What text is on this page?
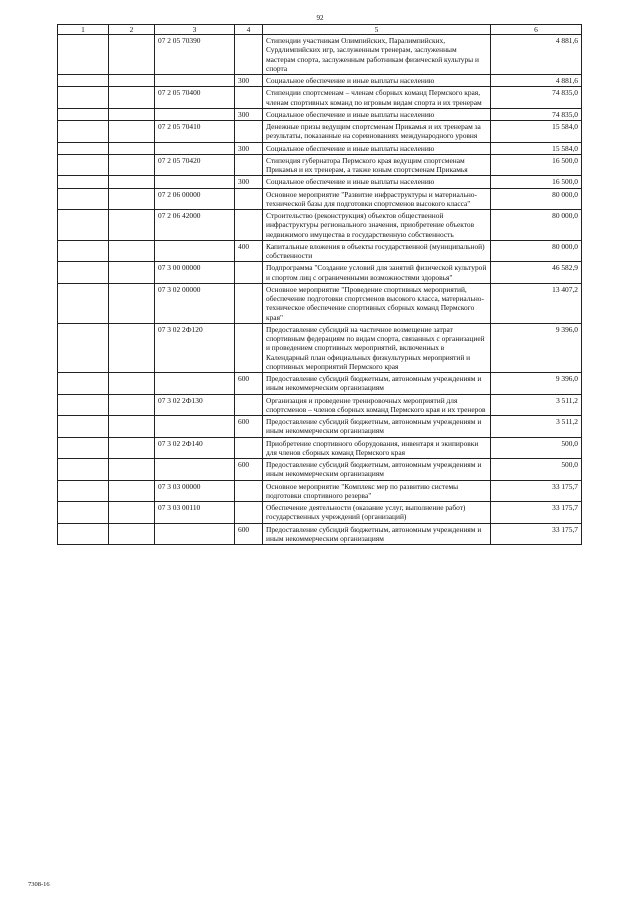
92
1	2	3	4	5	6
		07 2 05 70390		Стипендии участникам Олимпийских, Паралимпийских, Сурдлимпийских игр, заслуженным тренерам, заслуженным мастерам спорта, заслуженным работникам физической культуры и спорта	4 881,6
			300	Социальное обеспечение и иные выплаты населению	4 881,6
		07 2 05 70400		Стипендии спортсменам – членам сборных команд Пермского края, членам спортивных команд по игровым видам спорта и их тренерам	74 835,0
			300	Социальное обеспечение и иные выплаты населению	74 835,0
		07 2 05 70410		Денежные призы ведущим спортсменам Прикамья и их тренерам за результаты, показанные на соревнованиях международного уровня	15 584,0
			300	Социальное обеспечение и иные выплаты населению	15 584,0
		07 2 05 70420		Стипендия губернатора Пермского края ведущим спортсменам Прикамья и их тренерам, а также юным спортсменам Прикамья	16 500,0
			300	Социальное обеспечение и иные выплаты населению	16 500,0
		07 2 06 00000		Основное мероприятие "Развитие инфраструктуры и материально-технической базы для подготовки спортсменов высокого класса"	80 000,0
		07 2 06 42000		Строительство (реконструкция) объектов общественной инфраструктуры регионального значения, приобретение объектов недвижимого имущества в государственную собственность	80 000,0
			400	Капитальные вложения в объекты государственной (муниципальной) собственности	80 000,0
		07 3 00 00000		Подпрограмма "Создание условий для занятий физической культурой и спортом лиц с ограниченными возможностями здоровья"	46 582,9
		07 3 02 00000		Основное мероприятие "Проведение спортивных мероприятий, обеспечение подготовки спортсменов высокого класса, материально-техническое обеспечение спортивных сборных команд Пермского края"	13 407,2
		07 3 02 2Ф120		Предоставление субсидий на частичное возмещение затрат спортивным федерациям по видам спорта, связанных с организацией и проведением спортивных мероприятий, включенных в Календарный план официальных физкультурных мероприятий и спортивных мероприятий Пермского края	9 396,0
			600	Предоставление субсидий бюджетным, автономным учреждениям и иным некоммерческим организациям	9 396,0
		07 3 02 2Ф130		Организация и проведение тренировочных мероприятий для спортсменов – членов сборных команд Пермского края и их тренеров	3 511,2
			600	Предоставление субсидий бюджетным, автономным учреждениям и иным некоммерческим организациям	3 511,2
		07 3 02 2Ф140		Приобретение спортивного оборудования, инвентаря и экипировки для членов сборных команд Пермского края	500,0
			600	Предоставление субсидий бюджетным, автономным учреждениям и иным некоммерческим организациям	500,0
		07 3 03 00000		Основное мероприятие "Комплекс мер по развитию системы подготовки спортивного резерва"	33 175,7
		07 3 03 00110		Обеспечение деятельности (оказание услуг, выполнение работ) государственных учреждений (организаций)	33 175,7
			600	Предоставление субсидий бюджетным, автономным учреждениям и иным некоммерческим организациям	33 175,7
7308-16
